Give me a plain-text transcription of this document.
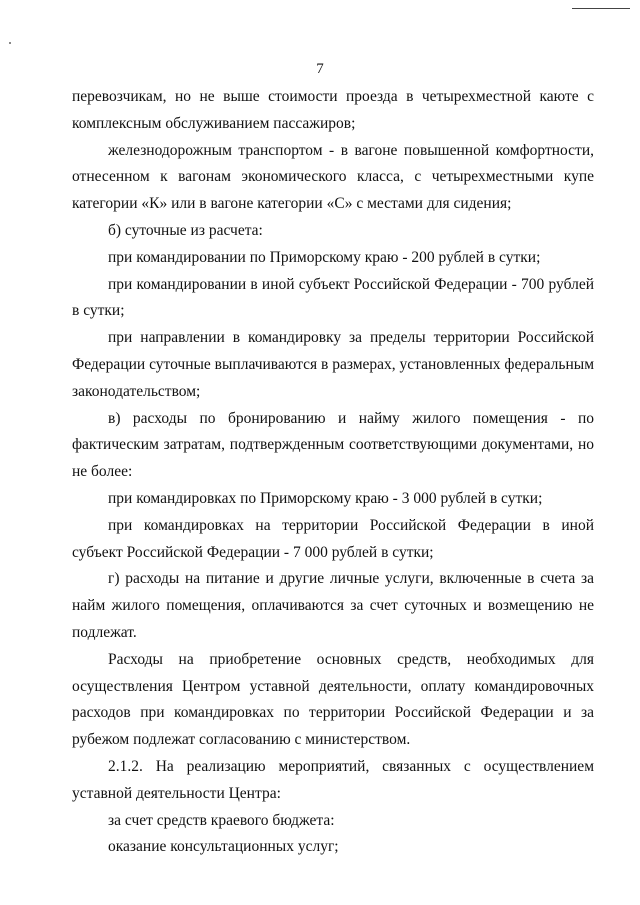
7

перевозчикам, но не выше стоимости проезда в четырехместной каюте с комплексным обслуживанием пассажиров;

железнодорожным транспортом - в вагоне повышенной комфортности, отнесенном к вагонам экономического класса, с четырехместными купе категории «К» или в вагоне категории «С» с местами для сидения;

б) суточные из расчета:

при командировании по Приморскому краю - 200 рублей в сутки;

при командировании в иной субъект Российской Федерации - 700 рублей в сутки;

при направлении в командировку за пределы территории Российской Федерации суточные выплачиваются в размерах, установленных федеральным законодательством;

в) расходы по бронированию и найму жилого помещения - по фактическим затратам, подтвержденным соответствующими документами, но не более:

при командировках по Приморскому краю - 3 000 рублей в сутки;

при командировках на территории Российской Федерации в иной субъект Российской Федерации - 7 000 рублей в сутки;

г) расходы на питание и другие личные услуги, включенные в счета за найм жилого помещения, оплачиваются за счет суточных и возмещению не подлежат.

Расходы на приобретение основных средств, необходимых для осуществления Центром уставной деятельности, оплату командировочных расходов при командировках по территории Российской Федерации и за рубежом подлежат согласованию с министерством.

2.1.2. На реализацию мероприятий, связанных с осуществлением уставной деятельности Центра:

за счет средств краевого бюджета:

оказание консультационных услуг;
